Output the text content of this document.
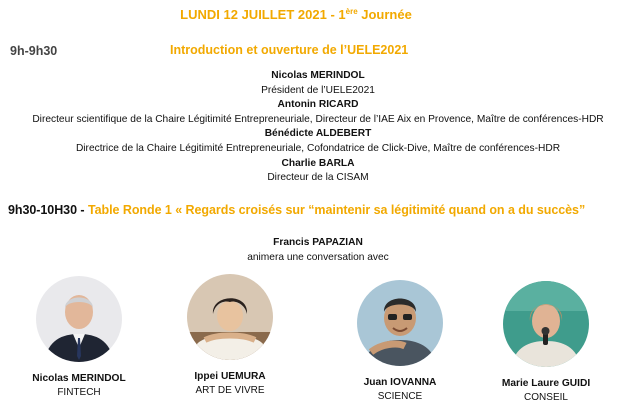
LUNDI 12 JUILLET 2021 - 1ère Journée
9h-9h30	Introduction et ouverture de l’UELE2021
Nicolas MERINDOL
Président de l’UELE2021
Antonin RICARD
Directeur scientifique de la Chaire Légitimité Entrepreneuriale, Directeur de l’IAE Aix en Provence, Maître de conférences-HDR
Bénédicte ALDEBERT
Directrice de la Chaire Légitimité Entrepreneuriale, Cofondatrice de Click-Dive, Maître de conférences-HDR
Charlie BARLA
Directeur de la CISAM
9h30-10H30 - Table Ronde 1 « Regards croisés sur “maintenir sa légitimité quand on a du succès”
Francis PAPAZIAN
animera une conversation avec
Nicolas MERINDOL
FINTECH
Ippei UEMURA
ART DE VIVRE
Juan IOVANNA
SCIENCE
Marie Laure GUIDI
CONSEIL
